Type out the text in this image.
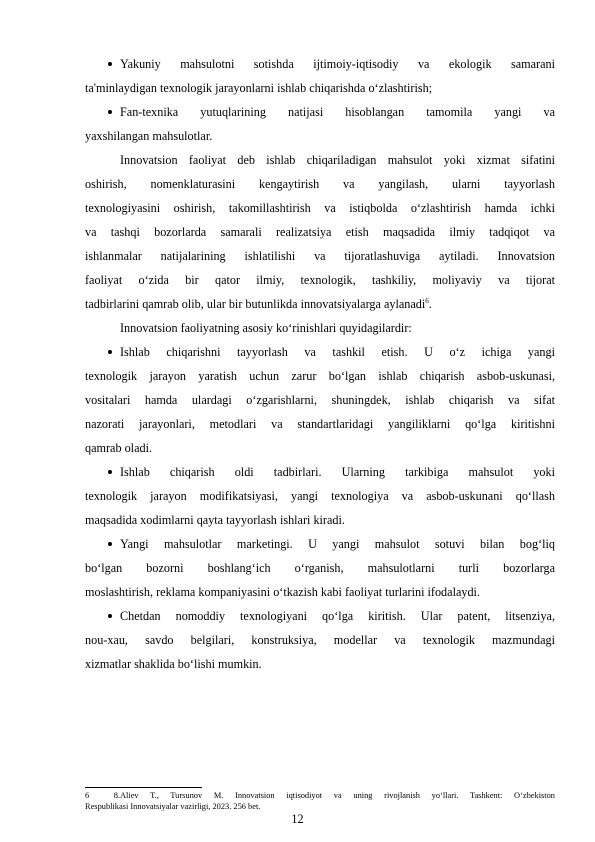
Yakuniy mahsulotni sotishda ijtimoiy-iqtisodiy va ekologik samarani
ta'minlaydigan texnologik jarayonlarni ishlab chiqarishda o‘zlashtirish;
Fan-texnika yutuqlarining natijasi hisoblangan tamomila yangi va
yaxshilangan mahsulotlar.
Innovatsion faoliyat deb ishlab chiqariladigan mahsulot yoki xizmat sifatini
oshirish, nomenklaturasini kengaytirish va yangilash, ularni tayyorlash
texnologiyasini oshirish, takomillashtirish va istiqbolda o‘zlashtirish hamda ichki
va tashqi bozorlarda samarali realizatsiya etish maqsadida ilmiy tadqiqot va
ishlanmalar natijalarining ishlatilishi va tijoratlashuviga aytiladi. Innovatsion
faoliyat o‘zida bir qator ilmiy, texnologik, tashkiliy, moliyaviy va tijorat
tadbirlarini qamrab olib, ular bir butunlikda innovatsiyalarga aylanadi$^6$.
Innovatsion faoliyatning asosiy ko‘rinishlari quyidagilardir:
Ishlab chiqarishni tayyorlash va tashkil etish. U o‘z ichiga yangi
texnologik jarayon yaratish uchun zarur bo‘lgan ishlab chiqarish asbob-uskunasi,
vositalari hamda ulardagi o‘zgarishlarni, shuningdek, ishlab chiqarish va sifat
nazorati jarayonlari, metodlari va standartlaridagi yangiliklarni qo‘lga kiritishni
qamrab oladi.
Ishlab chiqarish oldi tadbirlari. Ularning tarkibiga mahsulot yoki
texnologik jarayon modifikatsiyasi, yangi texnologiya va asbob-uskunani qo‘llash
maqsadida xodimlarni qayta tayyorlash ishlari kiradi.
Yangi mahsulotlar marketingi. U yangi mahsulot sotuvi bilan bog‘liq
bo‘lgan bozorni boshlang‘ich o‘rganish, mahsulotlarni turli bozorlarga
moslashtirish, reklama kompaniyasini o‘tkazish kabi faoliyat turlarini ifodalaydi.
Chetdan nomoddiy texnologiyani qo‘lga kiritish. Ular patent, litsenziya,
nou-xau, savdo belgilari, konstruksiya, modellar va texnologik mazmundagi
xizmatlar shaklida bo‘lishi mumkin.
6 8.Aliev T., Tursunov M. Innovatsion iqtisodiyot va uning rivojlanish yo‘llari. Tashkent: O‘zbekiston
Respublikasi Innovatsiyalar vazirligi, 2023. 256 bet.
12
